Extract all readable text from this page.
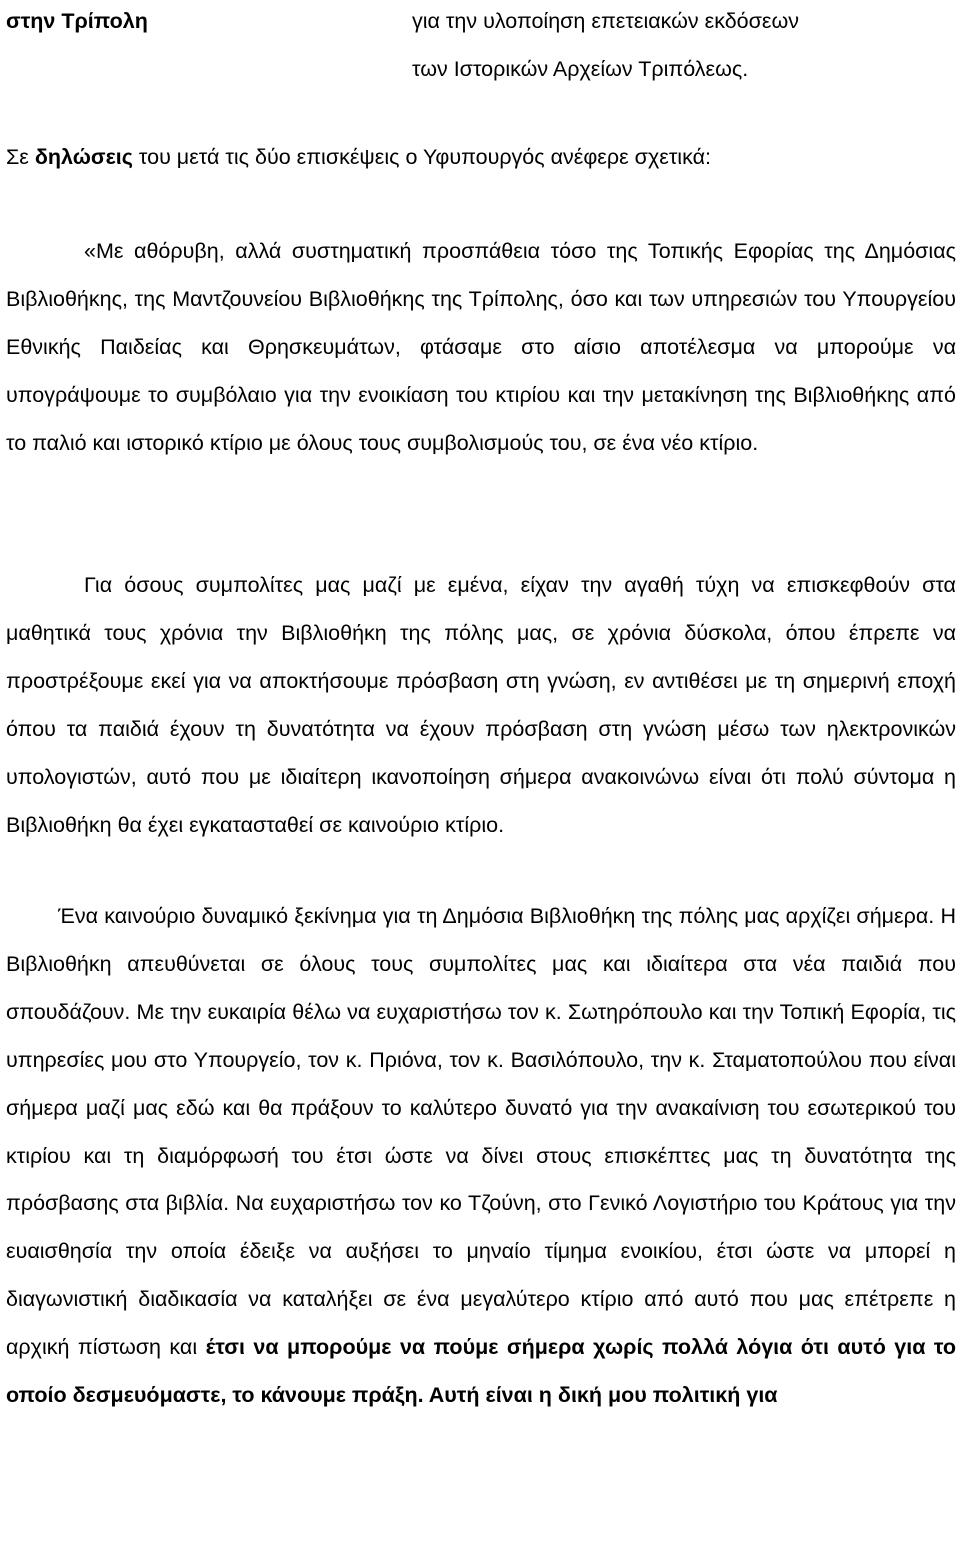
στην Τρίπολη	για την υλοποίηση επετειακών εκδόσεων
των Ιστορικών Αρχείων Τριπόλεως.
Σε δηλώσεις του μετά τις δύο επισκέψεις ο Υφυπουργός ανέφερε σχετικά:
«Με αθόρυβη, αλλά συστηματική προσπάθεια τόσο της Τοπικής Εφορίας της Δημόσιας Βιβλιοθήκης, της Μαντζουνείου Βιβλιοθήκης της Τρίπολης, όσο και των υπηρεσιών του Υπουργείου Εθνικής Παιδείας και Θρησκευμάτων, φτάσαμε στο αίσιο αποτέλεσμα να μπορούμε να υπογράψουμε το συμβόλαιο για την ενοικίαση του κτιρίου και την μετακίνηση της Βιβλιοθήκης από το παλιό και ιστορικό κτίριο με όλους τους συμβολισμούς του, σε ένα νέο κτίριο.
Για όσους συμπολίτες μας μαζί με εμένα, είχαν την αγαθή τύχη να επισκεφθούν στα μαθητικά τους χρόνια την Βιβλιοθήκη της πόλης μας, σε χρόνια δύσκολα, όπου έπρεπε να προστρέξουμε εκεί για να αποκτήσουμε πρόσβαση στη γνώση, εν αντιθέσει με τη σημερινή εποχή όπου τα παιδιά έχουν τη δυνατότητα να έχουν πρόσβαση στη γνώση μέσω των ηλεκτρονικών υπολογιστών, αυτό που με ιδιαίτερη ικανοποίηση σήμερα ανακοινώνω είναι ότι πολύ σύντομα η Βιβλιοθήκη θα έχει εγκατασταθεί σε καινούριο κτίριο.
Ένα καινούριο δυναμικό ξεκίνημα για τη Δημόσια Βιβλιοθήκη της πόλης μας αρχίζει σήμερα. Η Βιβλιοθήκη απευθύνεται σε όλους τους συμπολίτες μας και ιδιαίτερα στα νέα παιδιά που σπουδάζουν. Με την ευκαιρία θέλω να ευχαριστήσω τον κ. Σωτηρόπουλο και την Τοπική Εφορία, τις υπηρεσίες μου στο Υπουργείο, τον κ. Πριόνα, τον κ. Βασιλόπουλο, την κ. Σταματοπούλου που είναι σήμερα μαζί μας εδώ και θα πράξουν το καλύτερο δυνατό για την ανακαίνιση του εσωτερικού του κτιρίου και τη διαμόρφωσή του έτσι ώστε να δίνει στους επισκέπτες μας τη δυνατότητα της πρόσβασης στα βιβλία. Να ευχαριστήσω τον κο Τζούνη, στο Γενικό Λογιστήριο του Κράτους για την ευαισθησία την οποία έδειξε να αυξήσει το μηναίο τίμημα ενοικίου, έτσι ώστε να μπορεί η διαγωνιστική διαδικασία να καταλήξει σε ένα μεγαλύτερο κτίριο από αυτό που μας επέτρεπε η αρχική πίστωση και έτσι να μπορούμε να πούμε σήμερα χωρίς πολλά λόγια ότι αυτό για το οποίο δεσμευόμαστε, το κάνουμε πράξη. Αυτή είναι η δική μου πολιτική για
